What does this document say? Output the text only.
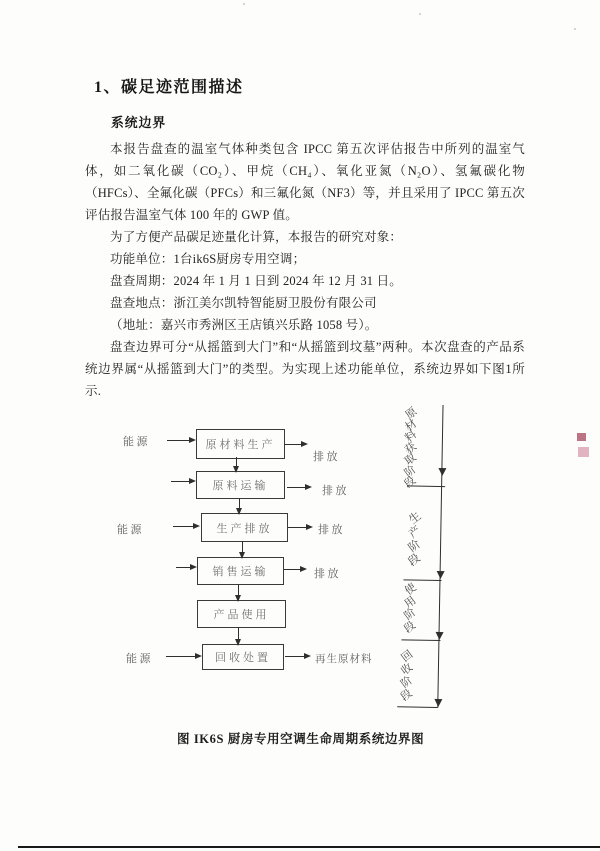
1、碳足迹范围描述
系统边界

本报告盘查的温室气体种类包含 IPCC 第五次评估报告中所列的温室气体，如二氧化碳（CO₂）、甲烷（CH₄）、氧化亚氮（N₂O）、氢氟碳化物（HFCs）、全氟化碳（PFCs）和三氟化氮（NF3）等，并且采用了 IPCC 第五次评估报告温室气体 100 年的 GWP 值。

为了方便产品碳足迹量化计算，本报告的研究对象：

功能单位：1台ik6S厨房专用空调；

盘查周期：2024 年 1 月 1 日到 2024 年 12 月 31 日。

盘查地点：浙江美尔凯特智能厨卫股份有限公司

（地址：嘉兴市秀洲区王店镇兴乐路 1058 号）。

盘查边界可分“从摇篮到大门”和“从摇篮到坟墓”两种。本次盘查的产品系统边界属“从摇篮到大门”的类型。为实现上述功能单位，系统边界如下图1所示.

能源
能源
能源
原材料生产
原料运输
生产排放
销售运输
产品使用
回收处置
排放
排放
排放
排放
再生原材料
原
材
料
获
取
阶
段
生
产
阶
段
使
用
阶
段
回
收
阶
段
图 IK6S 厨房专用空调生命周期系统边界图
